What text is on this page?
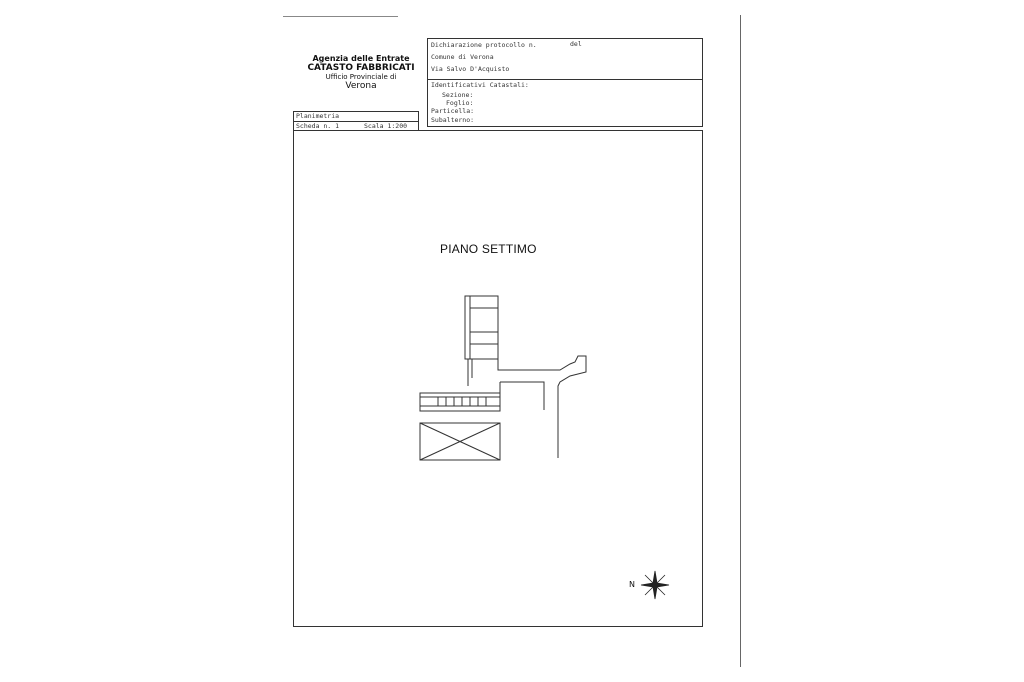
Agenzia delle Entrate
CATASTO FABBRICATI
Ufficio Provinciale di
Verona
Dichiarazione protocollo n.	del
Comune di Verona
Via Salvo D'Acquisto
Identificativi Catastali:
Sezione:
Foglio:
Particella:
Subalterno:
Planimetria
Scheda n. 1	Scala 1:200
PIANO SETTIMO
N
